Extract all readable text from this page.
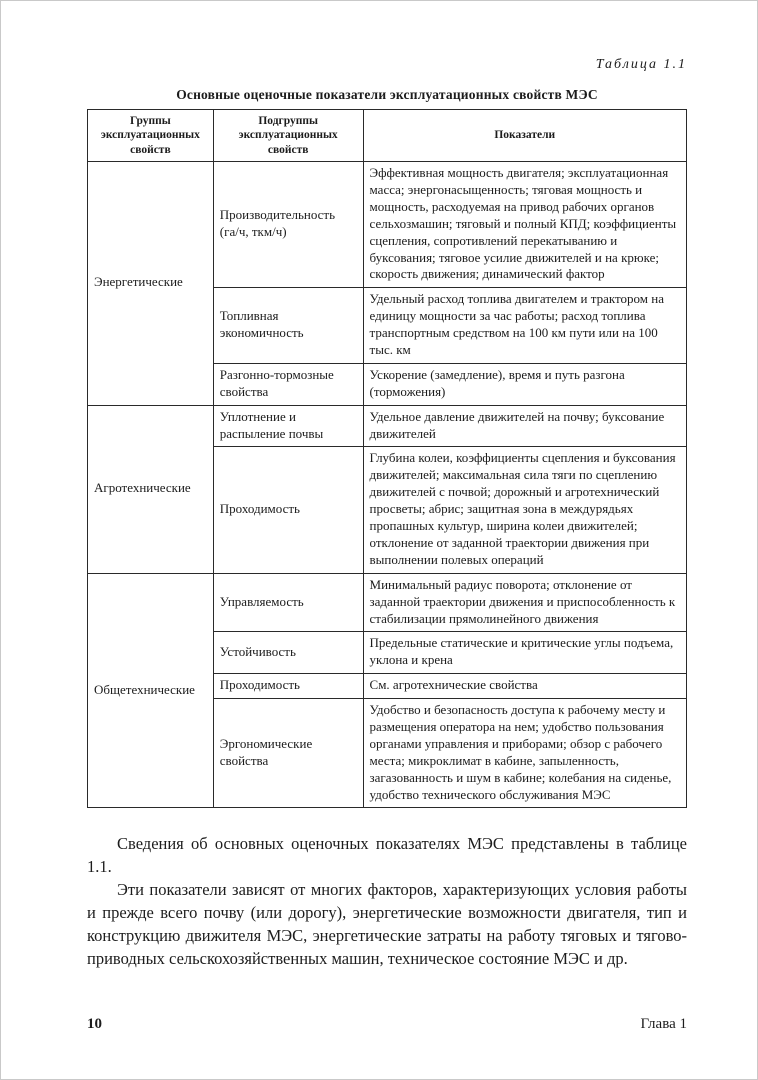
Таблица 1.1
Основные оценочные показатели эксплуатационных свойств МЭС
Группы эксплуатационных свойств	Подгруппы эксплуатационных свойств	Показатели
Энергетические	Производительность (га/ч, ткм/ч)	Эффективная мощность двигателя; эксплуатационная масса; энергонасыщенность; тяговая мощность и мощность, расходуемая на привод рабочих органов сельхозмашин; тяговый и полный КПД; коэффициенты сцепления, сопротивлений перекатыванию и буксования; тяговое усилие движителей и на крюке; скорость движения; динамический фактор
	Топливная экономичность	Удельный расход топлива двигателем и трактором на единицу мощности за час работы; расход топлива транспортным средством на 100 км пути или на 100 тыс. км
	Разгонно-тормозные свойства	Ускорение (замедление), время и путь разгона (торможения)
Агротехнические	Уплотнение и распыление почвы	Удельное давление движителей на почву; буксование движителей
	Проходимость	Глубина колеи, коэффициенты сцепления и буксования движителей; максимальная сила тяги по сцеплению движителей с почвой; дорожный и агротехнический просветы; абрис; защитная зона в междурядьях пропашных культур, ширина колеи движителей; отклонение от заданной траектории движения при выполнении полевых операций
Общетехнические	Управляемость	Минимальный радиус поворота; отклонение от заданной траектории движения и приспособленность к стабилизации прямолинейного движения
	Устойчивость	Предельные статические и критические углы подъема, уклона и крена
	Проходимость	См. агротехнические свойства
	Эргономические свойства	Удобство и безопасность доступа к рабочему месту и размещения оператора на нем; удобство пользования органами управления и приборами; обзор с рабочего места; микроклимат в кабине, запыленность, загазованность и шум в кабине; колебания на сиденье, удобство технического обслуживания МЭС

Сведения об основных оценочных показателях МЭС представлены в таблице 1.1.

Эти показатели зависят от многих факторов, характеризующих условия работы и прежде всего почву (или дорогу), энергетические возможности двигателя, тип и конструкцию движителя МЭС, энергетические затраты на работу тяговых и тягово-приводных сельскохозяйственных машин, техническое состояние МЭС и др.

10	Глава 1
